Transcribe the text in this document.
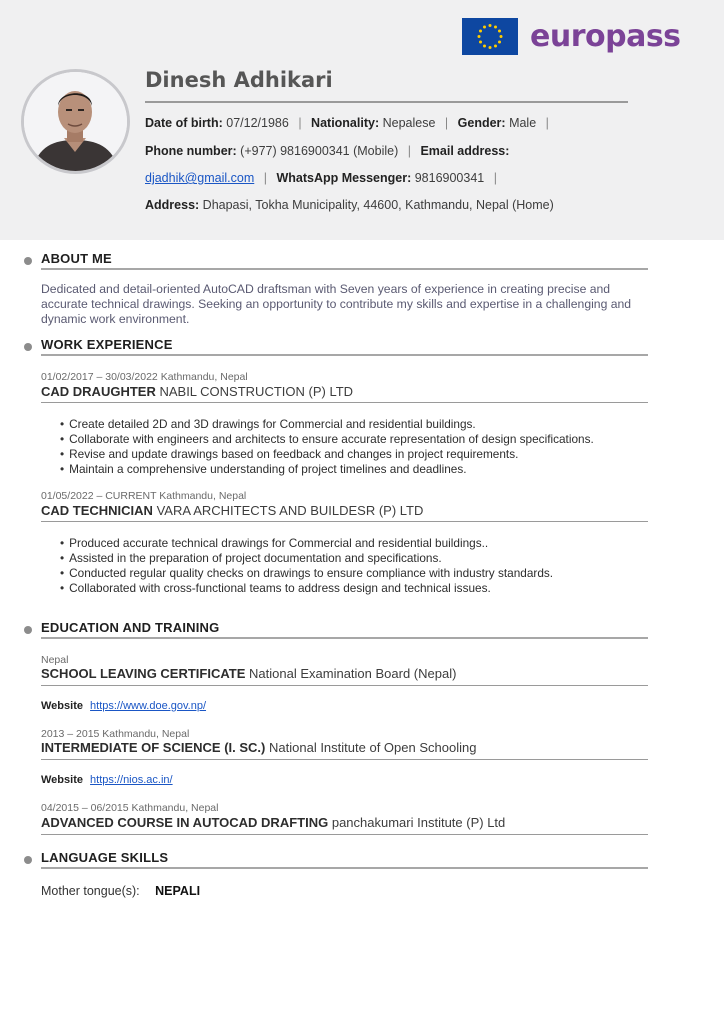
europass
Dinesh Adhikari
Date of birth: 07/12/1986 | Nationality: Nepalese | Gender: Male |
Phone number: (+977) 9816900341 (Mobile) | Email address:
djadhik@gmail.com | WhatsApp Messenger: 9816900341 |
Address: Dhapasi, Tokha Municipality, 44600, Kathmandu, Nepal (Home)
ABOUT ME
Dedicated and detail-oriented AutoCAD draftsman with Seven years of experience in creating precise and accurate technical drawings. Seeking an opportunity to contribute my skills and expertise in a challenging and dynamic work environment.
WORK EXPERIENCE
01/02/2017 – 30/03/2022 Kathmandu, Nepal
CAD DRAUGHTER NABIL CONSTRUCTION (P) LTD
• Create detailed 2D and 3D drawings for Commercial and residential buildings.
• Collaborate with engineers and architects to ensure accurate representation of design specifications.
• Revise and update drawings based on feedback and changes in project requirements.
• Maintain a comprehensive understanding of project timelines and deadlines.
01/05/2022 – CURRENT Kathmandu, Nepal
CAD TECHNICIAN VARA ARCHITECTS AND BUILDESR (P) LTD
• Produced accurate technical drawings for Commercial and residential buildings..
• Assisted in the preparation of project documentation and specifications.
• Conducted regular quality checks on drawings to ensure compliance with industry standards.
• Collaborated with cross-functional teams to address design and technical issues.
EDUCATION AND TRAINING
Nepal
SCHOOL LEAVING CERTIFICATE National Examination Board (Nepal)
Website https://www.doe.gov.np/
2013 – 2015 Kathmandu, Nepal
INTERMEDIATE OF SCIENCE (I. SC.) National Institute of Open Schooling
Website https://nios.ac.in/
04/2015 – 06/2015 Kathmandu, Nepal
ADVANCED COURSE IN AUTOCAD DRAFTING panchakumari Institute (P) Ltd
LANGUAGE SKILLS
Mother tongue(s): NEPALI
